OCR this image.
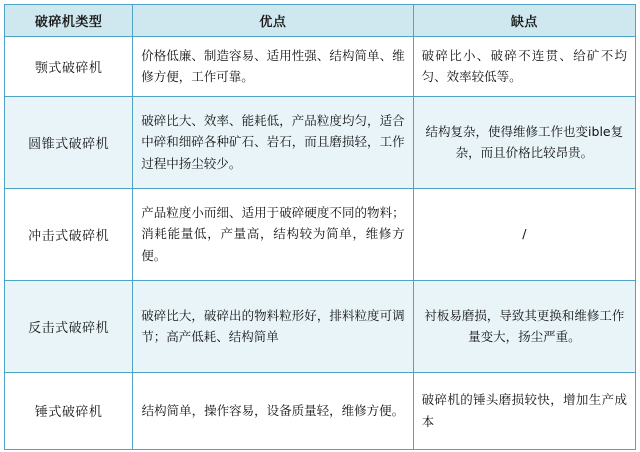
破碎机类型	优点	缺点
颚式破碎机	价格低廉、制造容易、适用性强、结构简单、维修方便，工作可靠。	破碎比小、破碎不连贯、给矿不均匀、效率较低等。
圆锥式破碎机	破碎比大、效率、能耗低，产品粒度均匀，适合中碎和细碎各种矿石、岩石，而且磨损轻，工作过程中扬尘较少。	结构复杂，使得维修工作也变ible复杂，而且价格比较昂贵。
冲击式破碎机	产品粒度小而细、适用于破碎硬度不同的物料；消耗能量低，产量高，结构较为简单，维修方便。	/
反击式破碎机	破碎比大，破碎出的物料粒形好，排料粒度可调节；高产低耗、结构简单	衬板易磨损，导致其更换和维修工作量变大，扬尘严重。
锤式破碎机	结构简单，操作容易，设备质量轻，维修方便。	破碎机的锤头磨损较快，增加生产成本
